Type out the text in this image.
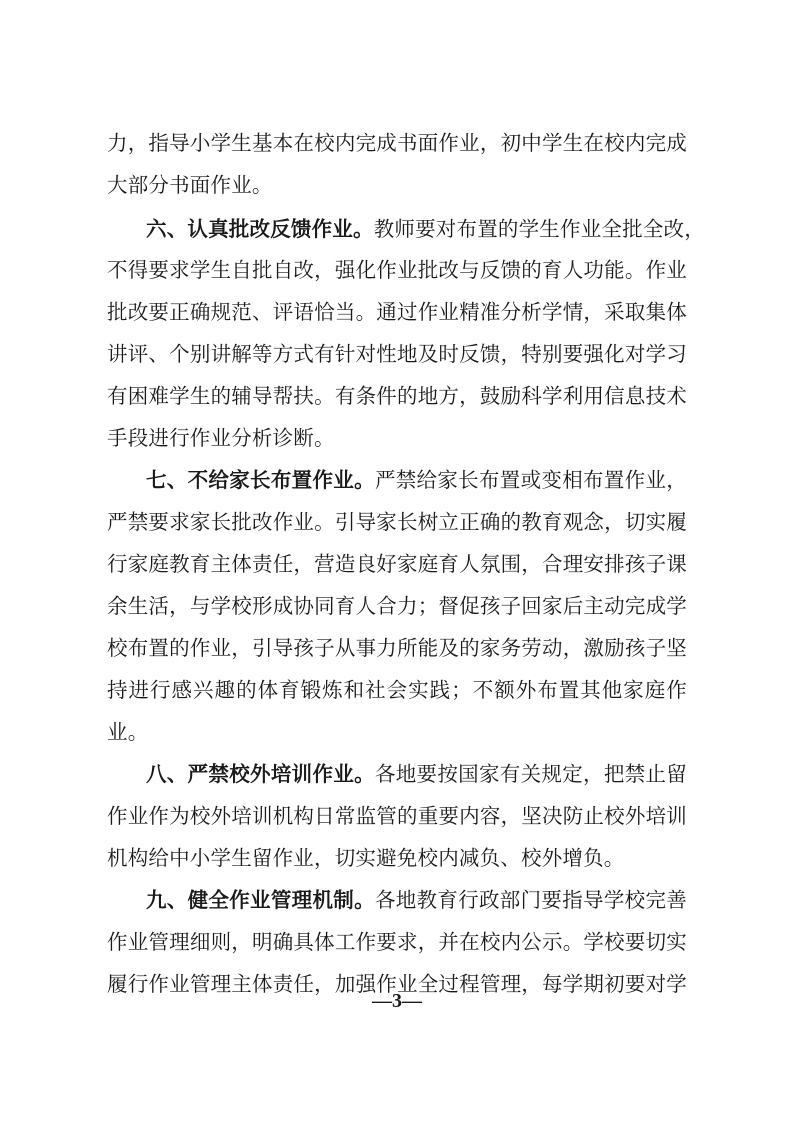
力，指导小学生基本在校内完成书面作业，初中学生在校内完成
大部分书面作业。
六、认真批改反馈作业。教师要对布置的学生作业全批全改，
不得要求学生自批自改，强化作业批改与反馈的育人功能。作业
批改要正确规范、评语恰当。通过作业精准分析学情，采取集体
讲评、个别讲解等方式有针对性地及时反馈，特别要强化对学习
有困难学生的辅导帮扶。有条件的地方，鼓励科学利用信息技术
手段进行作业分析诊断。
七、不给家长布置作业。严禁给家长布置或变相布置作业，
严禁要求家长批改作业。引导家长树立正确的教育观念，切实履
行家庭教育主体责任，营造良好家庭育人氛围，合理安排孩子课
余生活，与学校形成协同育人合力；督促孩子回家后主动完成学
校布置的作业，引导孩子从事力所能及的家务劳动，激励孩子坚
持进行感兴趣的体育锻炼和社会实践；不额外布置其他家庭作
业。
八、严禁校外培训作业。各地要按国家有关规定，把禁止留
作业作为校外培训机构日常监管的重要内容，坚决防止校外培训
机构给中小学生留作业，切实避免校内减负、校外增负。
九、健全作业管理机制。各地教育行政部门要指导学校完善
作业管理细则，明确具体工作要求，并在校内公示。学校要切实
履行作业管理主体责任，加强作业全过程管理，每学期初要对学
—3—
